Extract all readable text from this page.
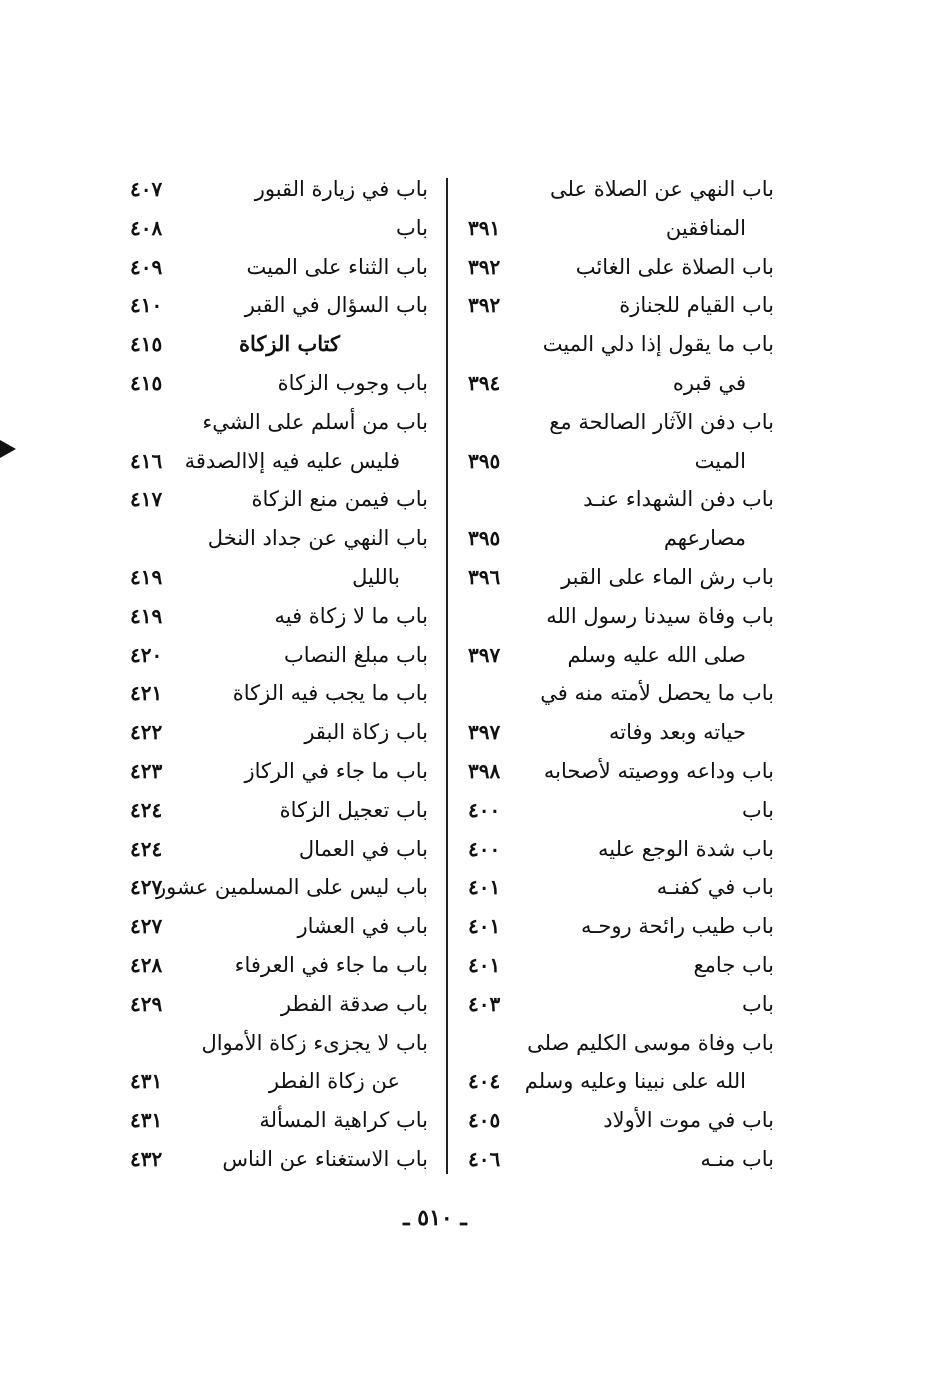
باب النهي عن الصلاة على
المنافقين
٣٩١
باب الصلاة على الغائب
٣٩٢
باب القيام للجنازة
٣٩٢
باب ما يقول إذا دلي الميت
في قبره
٣٩٤
باب دفن الآثار الصالحة مع
الميت
٣٩٥
باب دفن الشهداء عنـد
مصارعهم
٣٩٥
باب رش الماء على القبر
٣٩٦
باب وفاة سيدنا رسول الله
صلى الله عليه وسلم
٣٩٧
باب ما يحصل لأمته منه في
حياته وبعد وفاته
٣٩٧
باب وداعه ووصيته لأصحابه
٣٩٨
باب
٤٠٠
باب شدة الوجع عليه
٤٠٠
باب في كفنـه
٤٠١
باب طيب رائحة روحـه
٤٠١
باب جامع
٤٠١
باب
٤٠٣
باب وفاة موسى الكليم صلى
الله على نبينا وعليه وسلم
٤٠٤
باب في موت الأولاد
٤٠٥
باب منـه
٤٠٦
باب في زيارة القبور
٤٠٧
باب
٤٠٨
باب الثناء على الميت
٤٠٩
باب السؤال في القبر
٤١٠
كتاب الزكاة
٤١٥
باب وجوب الزكاة
٤١٥
باب من أسلم على الشيء
فليس عليه فيه إلاالصدقة
٤١٦
باب فيمن منع الزكاة
٤١٧
باب النهي عن جداد النخل
بالليل
٤١٩
باب ما لا زكاة فيه
٤١٩
باب مبلغ النصاب
٤٢٠
باب ما يجب فيه الزكاة
٤٢١
باب زكاة البقر
٤٢٢
باب ما جاء في الركاز
٤٢٣
باب تعجيل الزكاة
٤٢٤
باب في العمال
٤٢٤
باب ليس على المسلمين عشور
٤٢٧
باب في العشار
٤٢٧
باب ما جاء في العرفاء
٤٢٨
باب صدقة الفطر
٤٢٩
باب لا يجزىء زكاة الأموال
عن زكاة الفطر
٤٣١
باب كراهية المسألة
٤٣١
باب الاستغناء عن الناس
٤٣٢
ـ ٥١٠ ـ
